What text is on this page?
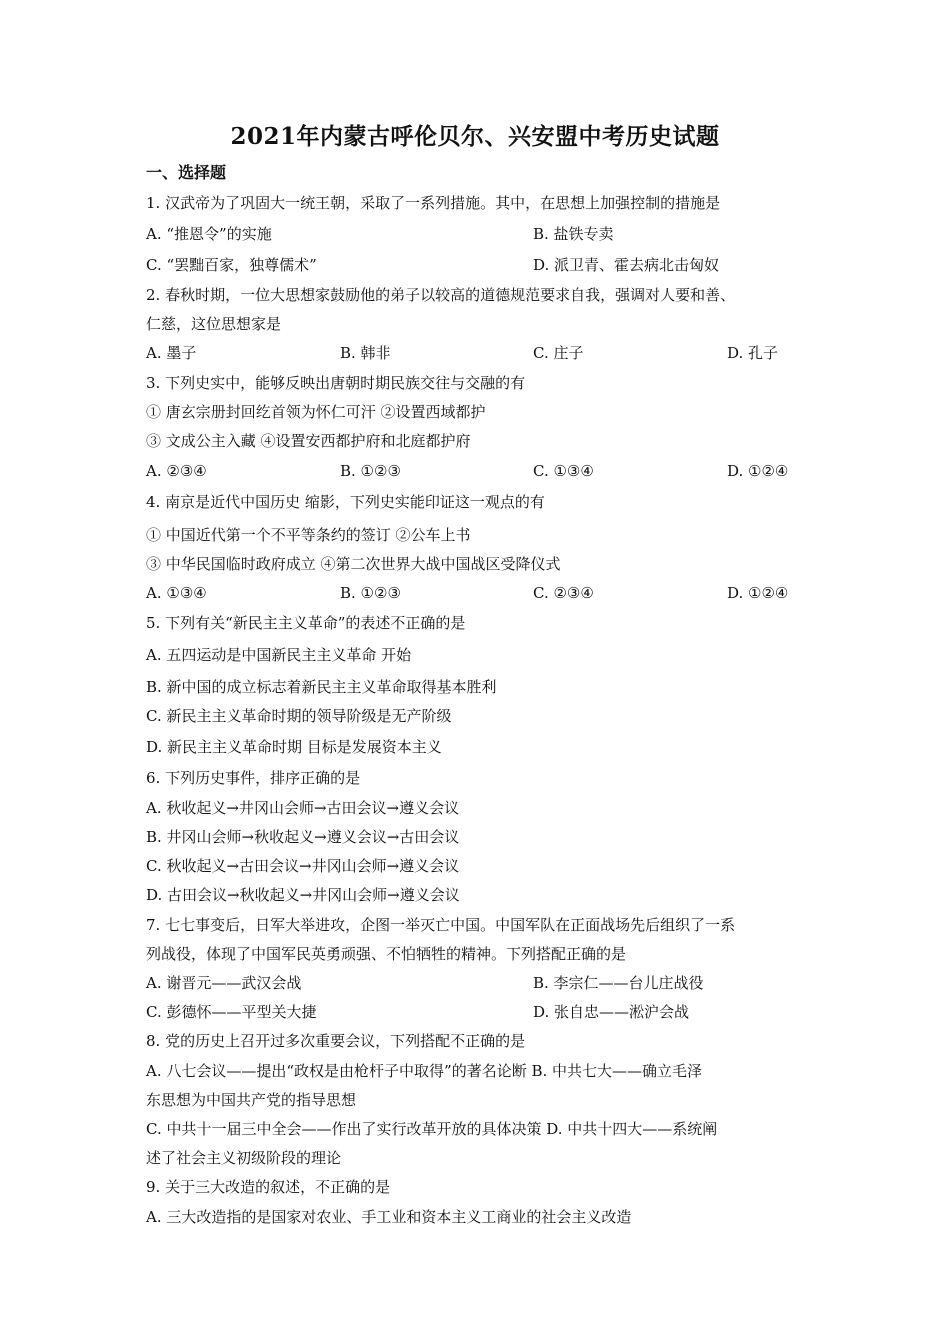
2021年内蒙古呼伦贝尔、兴安盟中考历史试题
一、选择题
1. 汉武帝为了巩固大一统王朝，采取了一系列措施。其中，在思想上加强控制的措施是
A. “推恩令”的实施	B. 盐铁专卖
C. “罢黜百家，独尊儒术”	D. 派卫青、霍去病北击匈奴
2. 春秋时期，一位大思想家鼓励他的弟子以较高的道德规范要求自我，强调对人要和善、
仁慈，这位思想家是
A. 墨子	B. 韩非	C. 庄子	D. 孔子
3. 下列史实中，能够反映出唐朝时期民族交往与交融的有
① 唐玄宗册封回纥首领为怀仁可汗 ②设置西域都护
③ 文成公主入藏 ④设置安西都护府和北庭都护府
A. ②③④	B. ①②③	C. ①③④	D. ①②④
4. 南京是近代中国历史 缩影，下列史实能印证这一观点的有
① 中国近代第一个不平等条约的签订 ②公车上书
③ 中华民国临时政府成立 ④第二次世界大战中国战区受降仪式
A. ①③④	B. ①②③	C. ②③④	D. ①②④
5. 下列有关“新民主主义革命”的表述不正确的是
A. 五四运动是中国新民主主义革命 开始
B. 新中国的成立标志着新民主主义革命取得基本胜利
C. 新民主主义革命时期的领导阶级是无产阶级
D. 新民主主义革命时期 目标是发展资本主义
6. 下列历史事件，排序正确的是
A. 秋收起义→井冈山会师→古田会议→遵义会议
B. 井冈山会师→秋收起义→遵义会议→古田会议
C. 秋收起义→古田会议→井冈山会师→遵义会议
D. 古田会议→秋收起义→井冈山会师→遵义会议
7. 七七事变后，日军大举进攻，企图一举灭亡中国。中国军队在正面战场先后组织了一系
列战役，体现了中国军民英勇顽强、不怕牺牲的精神。下列搭配正确的是
A. 谢晋元——武汉会战	B. 李宗仁——台儿庄战役
C. 彭德怀——平型关大捷	D. 张自忠——淞沪会战
8. 党的历史上召开过多次重要会议，下列搭配不正确的是
A. 八七会议——提出“政权是由枪杆子中取得”的著名论断 B. 中共七大——确立毛泽
东思想为中国共产党的指导思想
C. 中共十一届三中全会——作出了实行改革开放的具体决策 D. 中共十四大——系统阐
述了社会主义初级阶段的理论
9. 关于三大改造的叙述，不正确的是
A. 三大改造指的是国家对农业、手工业和资本主义工商业的社会主义改造
